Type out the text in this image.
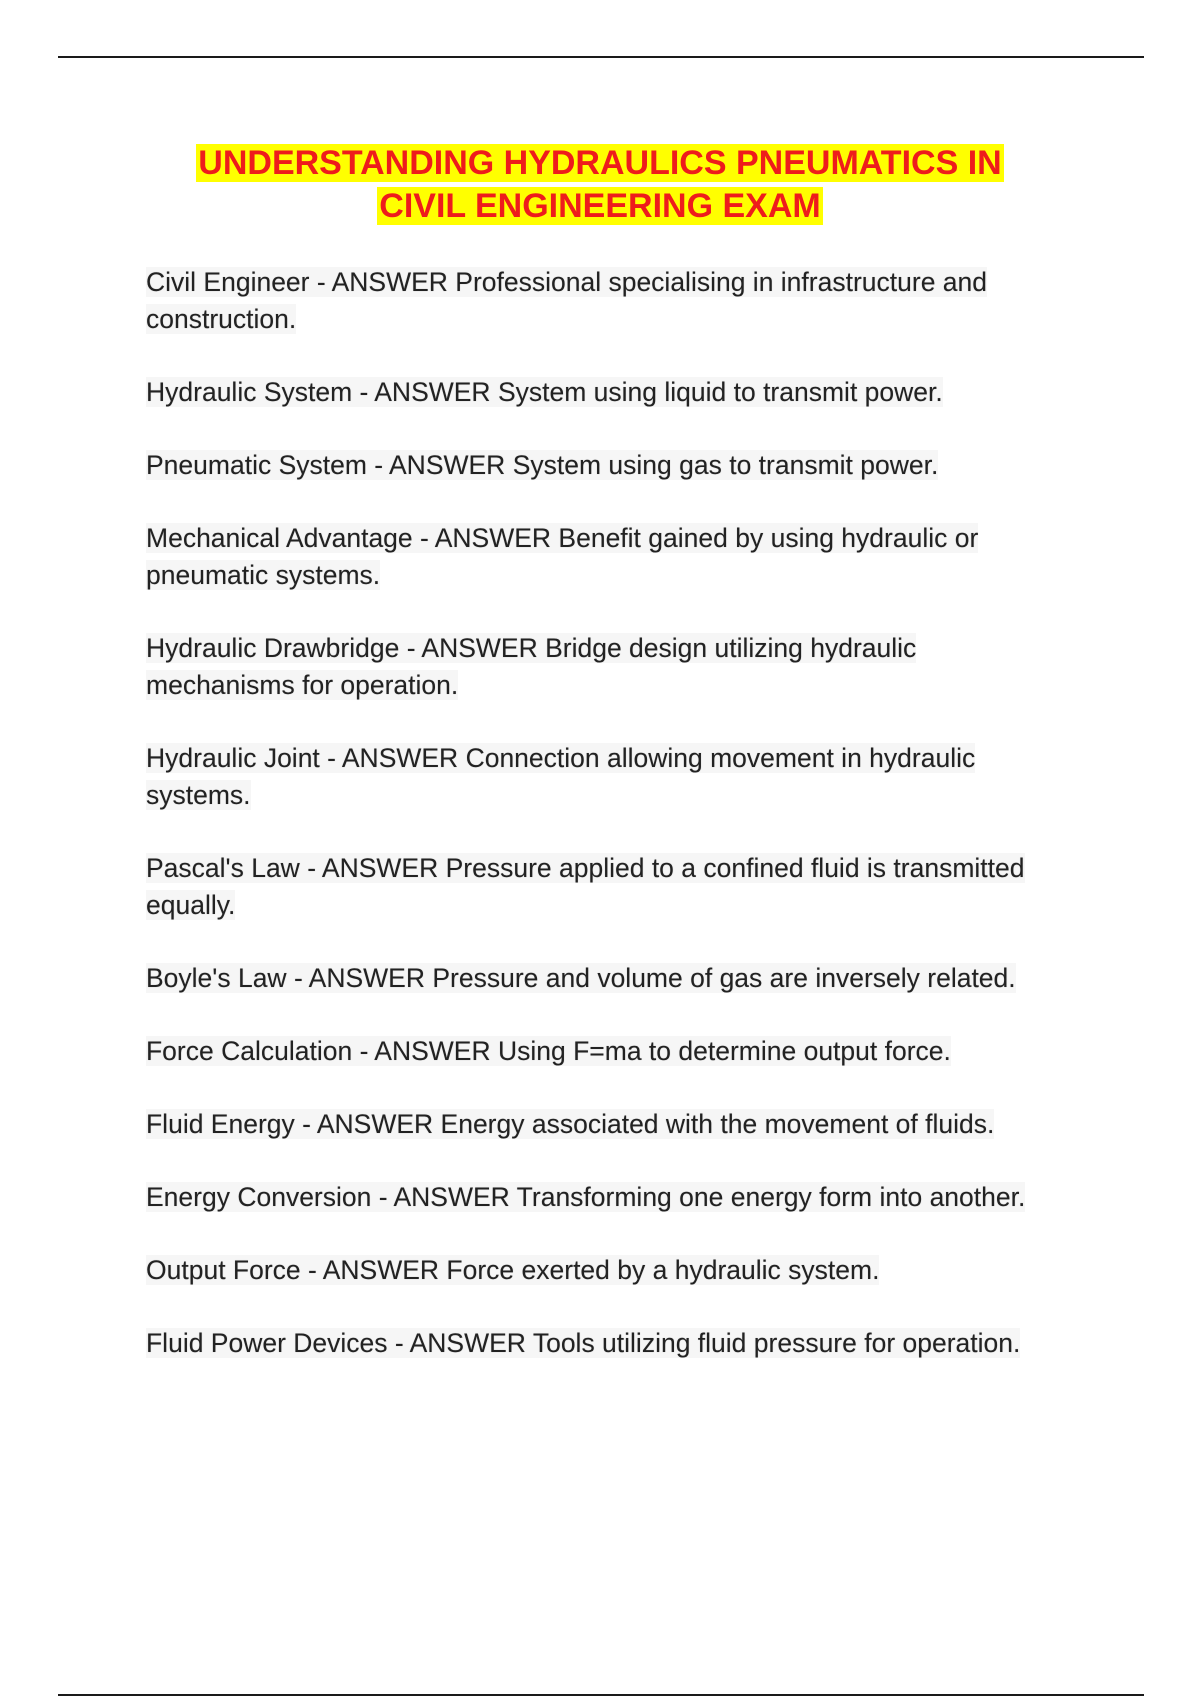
UNDERSTANDING HYDRAULICS PNEUMATICS IN
CIVIL ENGINEERING EXAM

Civil Engineer - ANSWER Professional specialising in infrastructure and construction.

Hydraulic System - ANSWER System using liquid to transmit power.

Pneumatic System - ANSWER System using gas to transmit power.

Mechanical Advantage - ANSWER Benefit gained by using hydraulic or pneumatic systems.

Hydraulic Drawbridge - ANSWER Bridge design utilizing hydraulic mechanisms for operation.

Hydraulic Joint - ANSWER Connection allowing movement in hydraulic systems.

Pascal's Law - ANSWER Pressure applied to a confined fluid is transmitted equally.

Boyle's Law - ANSWER Pressure and volume of gas are inversely related.

Force Calculation - ANSWER Using F=ma to determine output force.

Fluid Energy - ANSWER Energy associated with the movement of fluids.

Energy Conversion - ANSWER Transforming one energy form into another.

Output Force - ANSWER Force exerted by a hydraulic system.

Fluid Power Devices - ANSWER Tools utilizing fluid pressure for operation.
